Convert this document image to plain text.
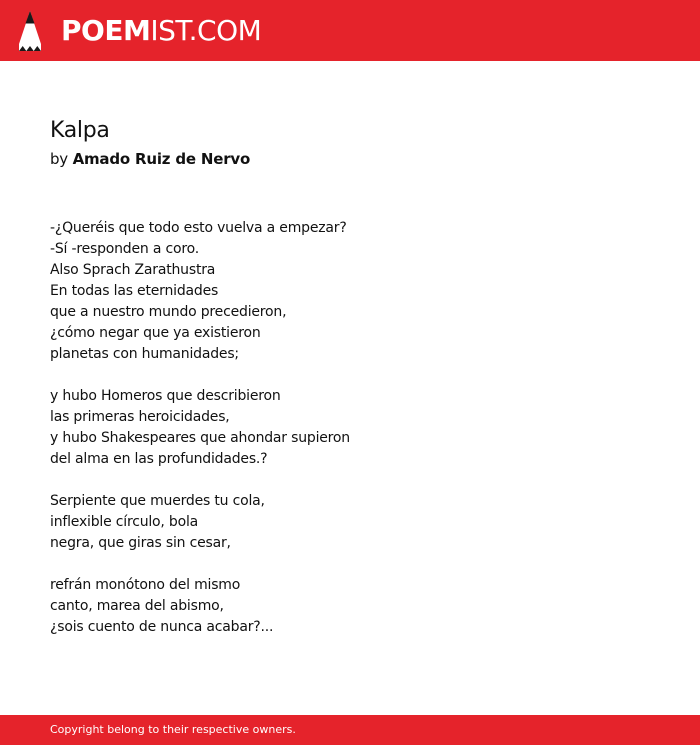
POEMIST.COM
Kalpa
by Amado Ruiz de Nervo
-¿Queréis que todo esto vuelva a empezar?
-Sí -responden a coro.
Also Sprach Zarathustra
En todas las eternidades
que a nuestro mundo precedieron,
¿cómo negar que ya existieron
planetas con humanidades;
y hubo Homeros que describieron
las primeras heroicidades,
y hubo Shakespeares que ahondar supieron
del alma en las profundidades.?
Serpiente que muerdes tu cola,
inflexible círculo, bola
negra, que giras sin cesar,
refrán monótono del mismo
canto, marea del abismo,
¿sois cuento de nunca acabar?...
Copyright belong to their respective owners.
